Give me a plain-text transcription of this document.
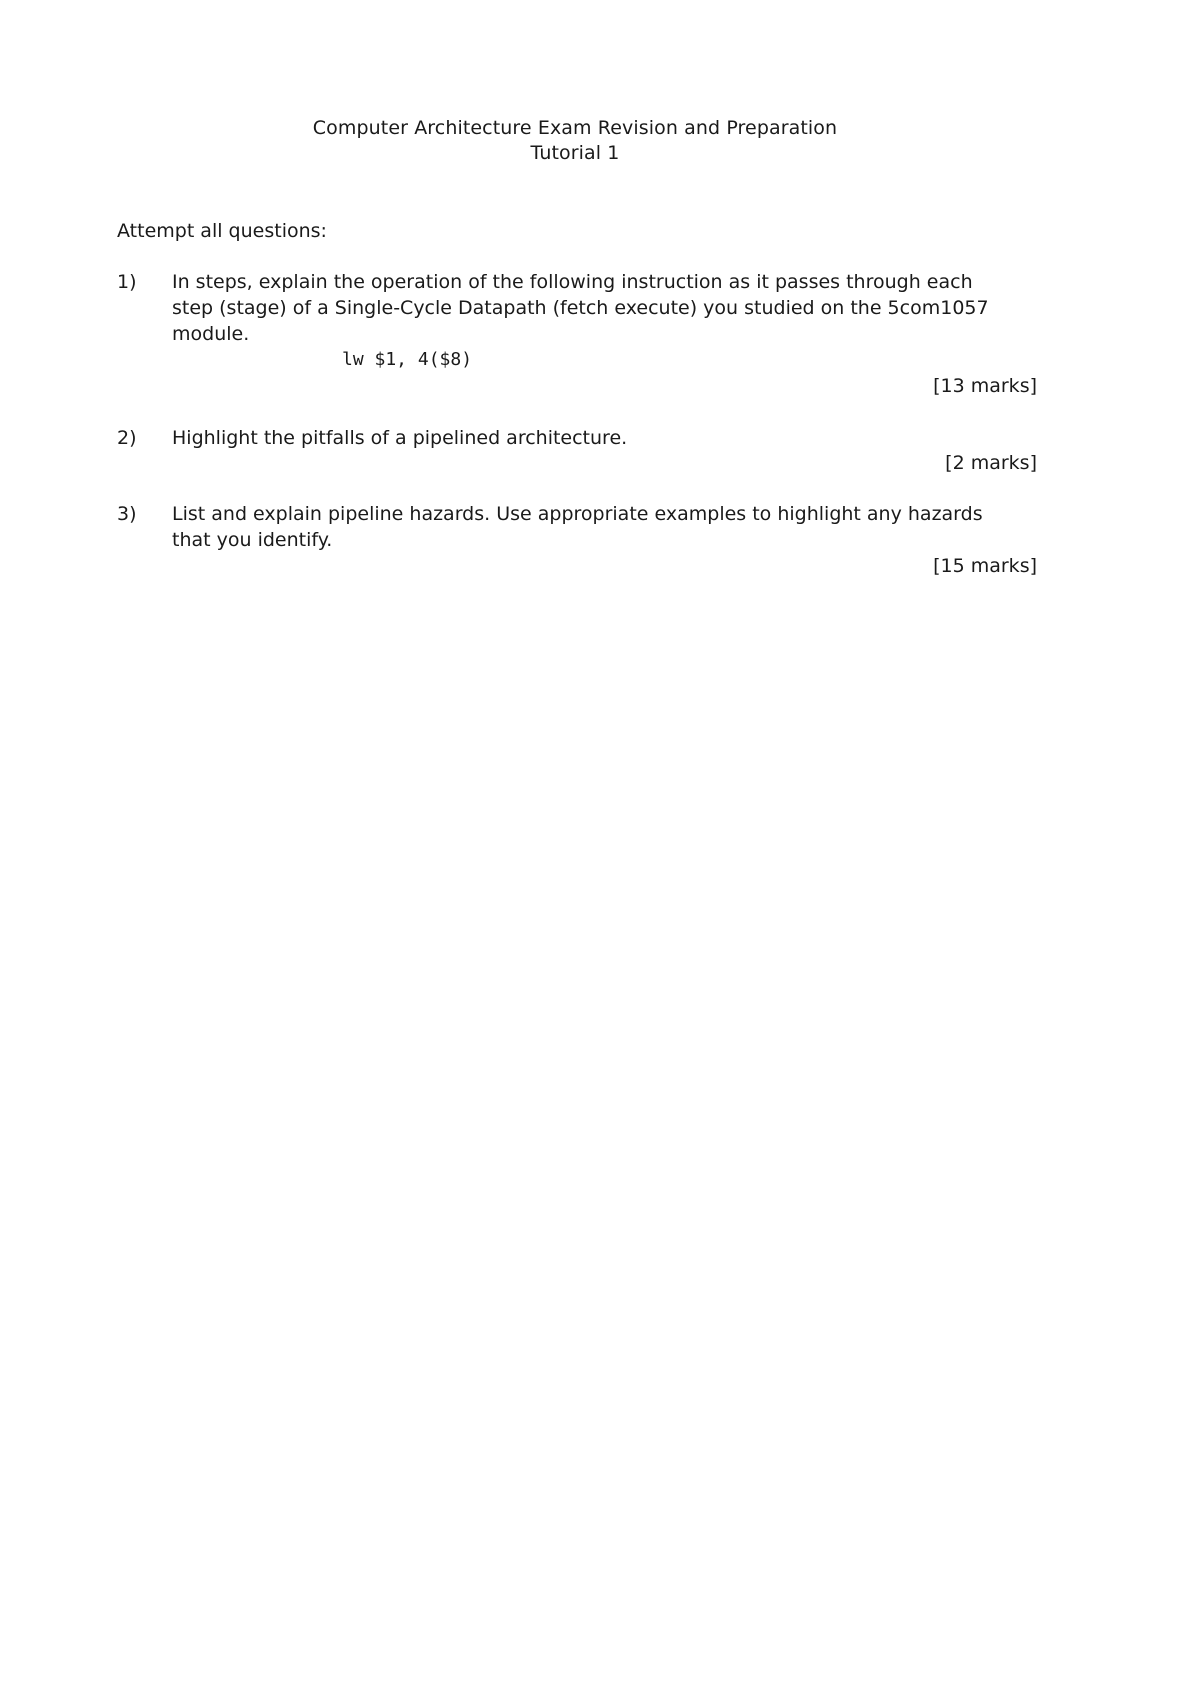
Computer Architecture Exam Revision and Preparation
Tutorial 1
Attempt all questions:
1) In steps, explain the operation of the following instruction as it passes through each
step (stage) of a Single-Cycle Datapath (fetch execute) you studied on the 5com1057
module.
lw $1, 4($8)
[13 marks]
2) Highlight the pitfalls of a pipelined architecture.
[2 marks]
3) List and explain pipeline hazards. Use appropriate examples to highlight any hazards
that you identify.
[15 marks]
